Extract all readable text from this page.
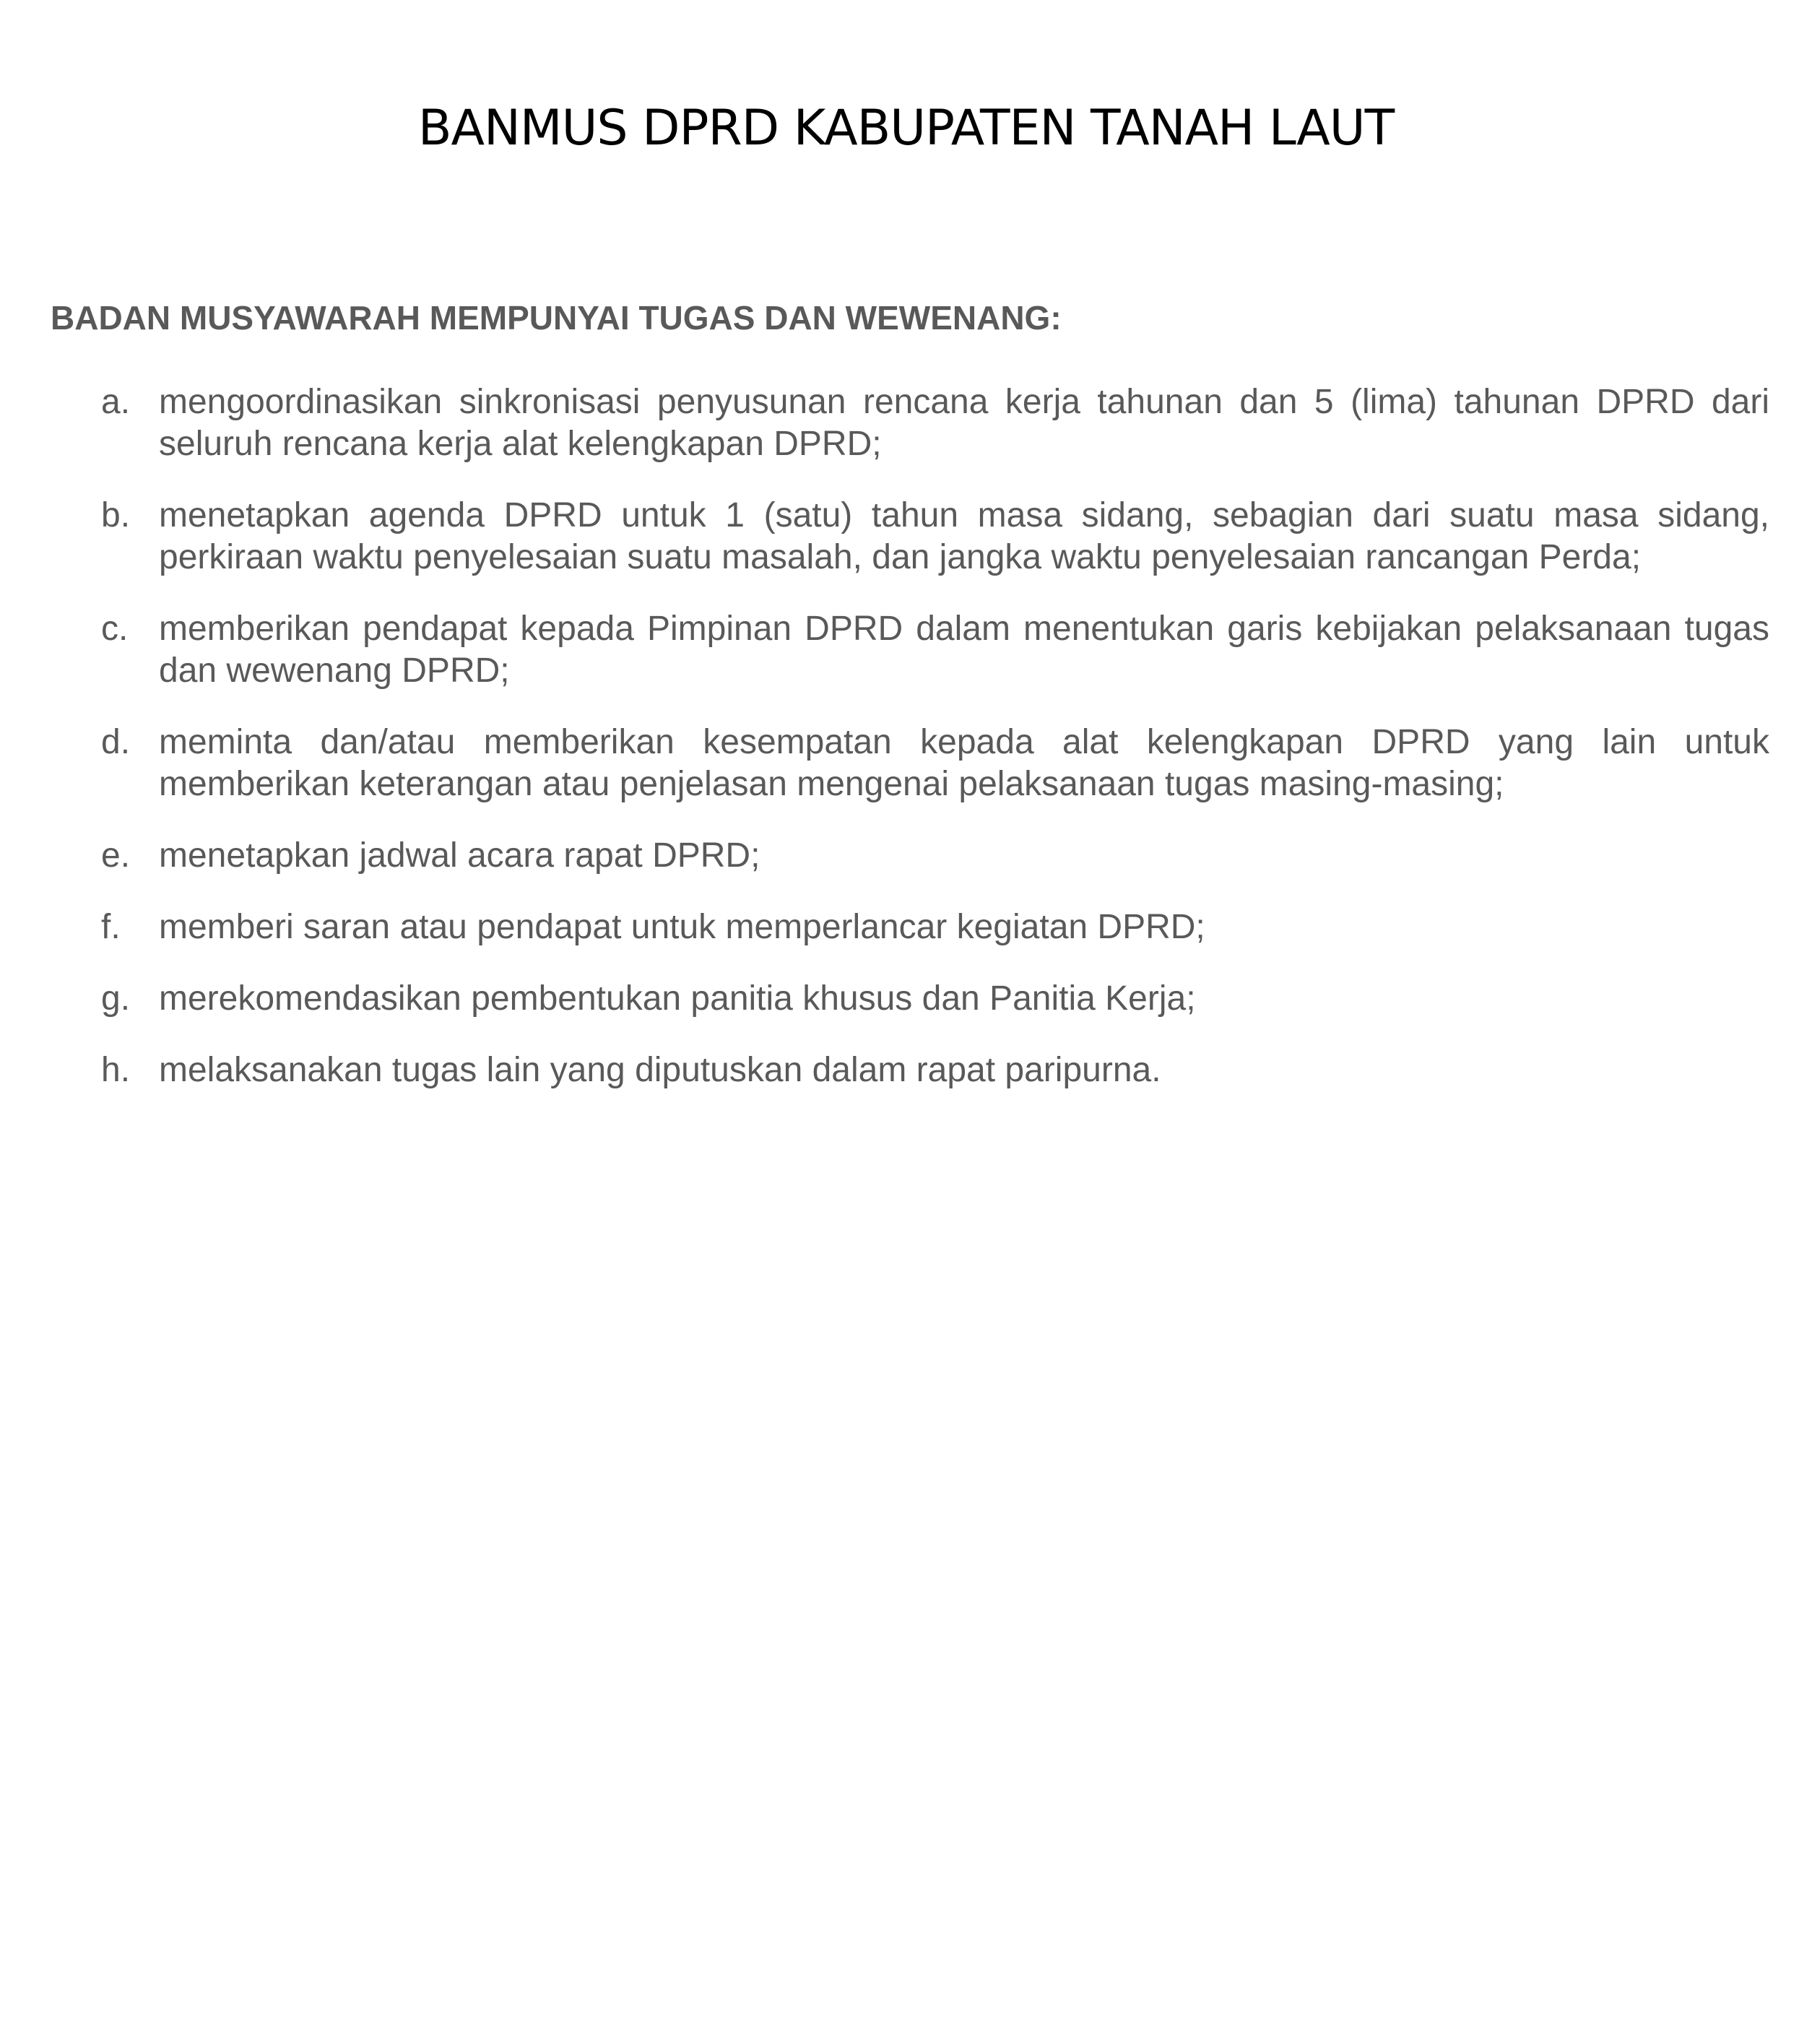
BANMUS DPRD KABUPATEN TANAH LAUT
BADAN MUSYAWARAH MEMPUNYAI TUGAS DAN WEWENANG:
a. mengoordinasikan sinkronisasi penyusunan rencana kerja tahunan dan 5 (lima) tahunan DPRD dari seluruh rencana kerja alat kelengkapan DPRD;
b. menetapkan agenda DPRD untuk 1 (satu) tahun masa sidang, sebagian dari suatu masa sidang, perkiraan waktu penyelesaian suatu masalah, dan jangka waktu penyelesaian rancangan Perda;
c. memberikan pendapat kepada Pimpinan DPRD dalam menentukan garis kebijakan pelaksanaan tugas dan wewenang DPRD;
d. meminta dan/atau memberikan kesempatan kepada alat kelengkapan DPRD yang lain untuk memberikan keterangan atau penjelasan mengenai pelaksanaan tugas masing-masing;
e. menetapkan jadwal acara rapat DPRD;
f.	memberi saran atau pendapat untuk memperlancar kegiatan DPRD;
g. merekomendasikan pembentukan panitia khusus dan Panitia Kerja;
h. melaksanakan tugas lain yang diputuskan dalam rapat paripurna.
